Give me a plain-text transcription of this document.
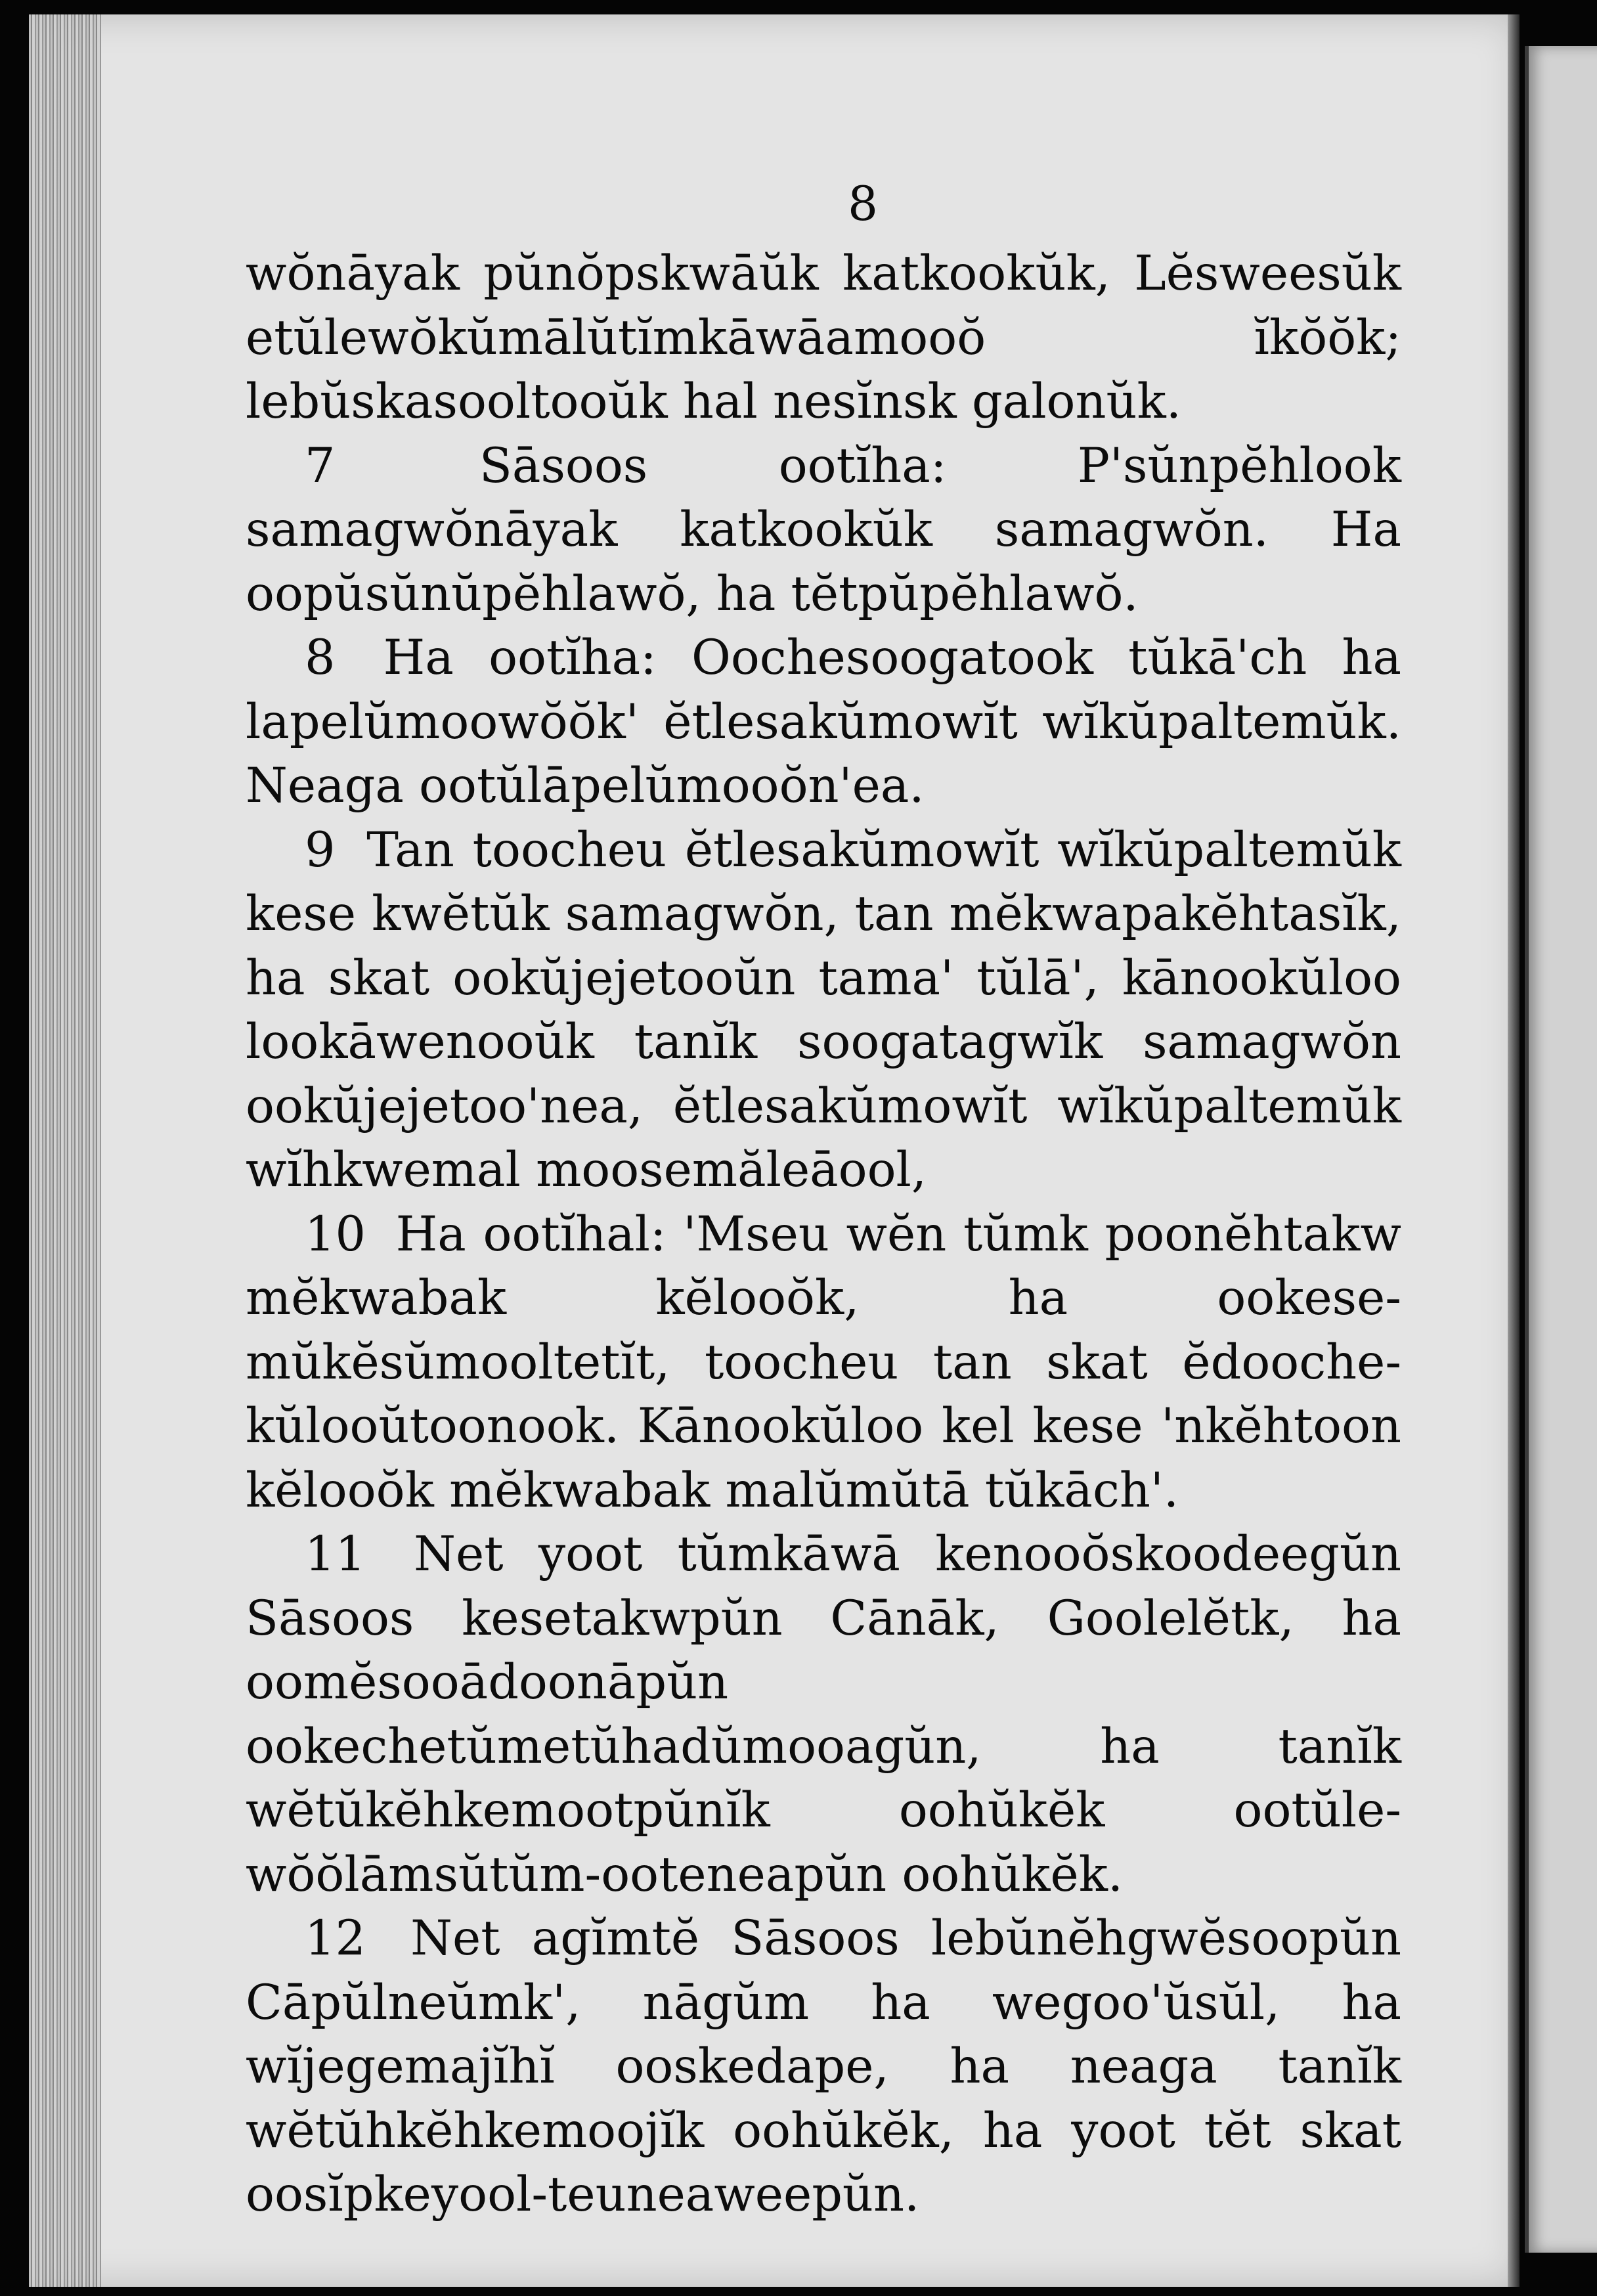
8

wŏnāyak pŭnŏpskwāŭk katkookŭk, Lĕsweesŭk etŭlewŏkŭmālŭtĭmkāwāamooŏ ĭkŏŏk; lebŭskasooltooŭk hal nesĭnsk galonŭk.

7	Sāsoos ootĭha: P'sŭnpĕhlook samagwŏnāyak katkookŭk samagwŏn. Ha oopŭsŭnŭpĕhlawŏ, ha tĕtpŭpĕhlawŏ.

8 Ha ootĭha: Oochesoogatook tŭkā'ch ha lapelŭmoowŏŏk' ĕtlesakŭmowĭt wĭkŭpaltemŭk. Neaga ootŭlāpelŭmooŏn'ea.

9 Tan toocheu ĕtlesakŭmowĭt wĭkŭpaltemŭk kese kwĕtŭk samagwŏn, tan mĕkwapakĕhtasĭk, ha skat ookŭjejetooŭn tama' tŭlā', kānookŭloo lookāwenooŭk tanĭk soogatagwĭk samagwŏn ookŭjejetoo'nea, ĕtlesakŭmowĭt wĭkŭpaltemŭk wĭhkwemal moosemăleāool,

10 Ha ootĭhal: 'Mseu wĕn tŭmk poonĕhtakw mĕkwabak kĕlooŏk, ha ookese-mŭkĕsŭmooltetĭt, toocheu tan skat ĕdooche-kŭlooŭtoonook. Kānookŭloo kel kese 'nkĕhtoon kĕlooŏk mĕkwabak malŭmŭtā tŭkāch'.

11 Net yoot tŭmkāwā kenooŏskoodeegŭn Sāsoos kesetakwpŭn Cānāk, Goolelĕtk, ha oomĕsooādoonāpŭn ookechetŭmetŭhadŭmooagŭn, ha tanĭk wĕtŭkĕhkemootpŭnĭk oohŭkĕk ootŭle-wŏŏlāmsŭtŭm-ooteneapŭn oohŭkĕk.

12 Net agĭmtĕ Sāsoos lebŭnĕhgwĕsoopŭn Cāpŭlneŭmk', nāgŭm ha wegoo'ŭsŭl, ha wĭjegemajĭhĭ ooskedape, ha neaga tanĭk wĕtŭhkĕhkemoojĭk oohŭkĕk, ha yoot tĕt skat oosĭpkeyool-teuneaweepŭn.
